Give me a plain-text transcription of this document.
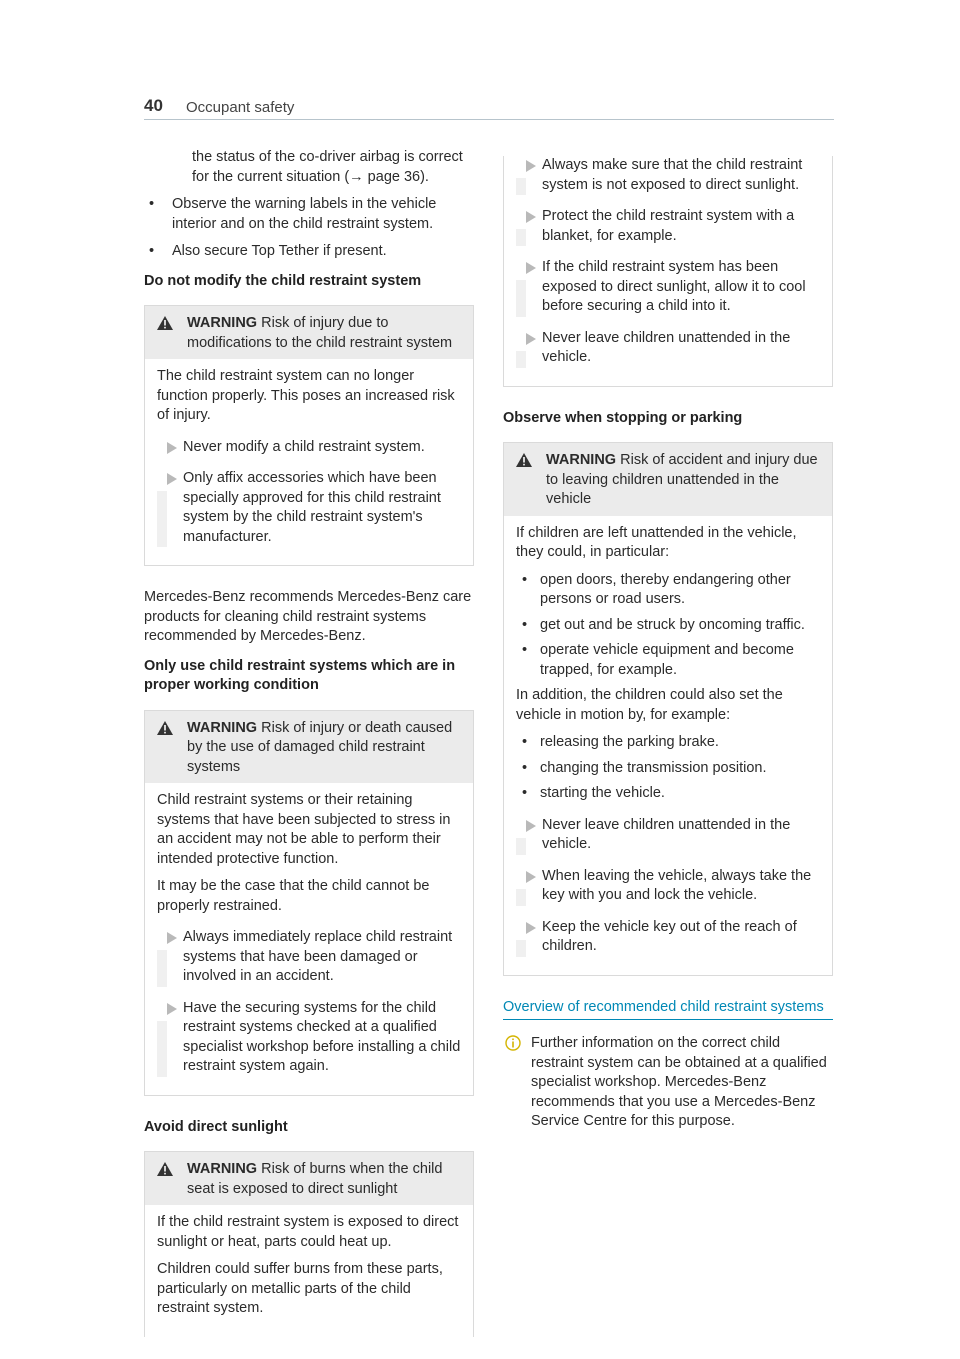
40 Occupant safety
the status of the co-driver airbag is correct for the current situation (→ page 36).
•	Observe the warning labels in the vehicle interior and on the child restraint system.
•	Also secure Top Tether if present.
Do not modify the child restraint system
WARNING Risk of injury due to modifications to the child restraint system
The child restraint system can no longer function properly. This poses an increased risk of injury.
Never modify a child restraint system.
Only affix accessories which have been specially approved for this child restraint system by the child restraint system's manufacturer.
Mercedes-Benz recommends Mercedes-Benz care products for cleaning child restraint systems recommended by Mercedes-Benz.
Only use child restraint systems which are in proper working condition
WARNING Risk of injury or death caused by the use of damaged child restraint systems
Child restraint systems or their retaining systems that have been subjected to stress in an accident may not be able to perform their intended protective function.
It may be the case that the child cannot be properly restrained.
Always immediately replace child restraint systems that have been damaged or involved in an accident.
Have the securing systems for the child restraint systems checked at a qualified specialist workshop before installing a child restraint system again.
Avoid direct sunlight
WARNING Risk of burns when the child seat is exposed to direct sunlight
If the child restraint system is exposed to direct sunlight or heat, parts could heat up.
Children could suffer burns from these parts, particularly on metallic parts of the child restraint system.
Always make sure that the child restraint system is not exposed to direct sunlight.
Protect the child restraint system with a blanket, for example.
If the child restraint system has been exposed to direct sunlight, allow it to cool before securing a child into it.
Never leave children unattended in the vehicle.
Observe when stopping or parking
WARNING Risk of accident and injury due to leaving children unattended in the vehicle
If children are left unattended in the vehicle, they could, in particular:
• open doors, thereby endangering other persons or road users.
• get out and be struck by oncoming traffic.
• operate vehicle equipment and become trapped, for example.
In addition, the children could also set the vehicle in motion by, for example:
• releasing the parking brake.
• changing the transmission position.
• starting the vehicle.
Never leave children unattended in the vehicle.
When leaving the vehicle, always take the key with you and lock the vehicle.
Keep the vehicle key out of the reach of children.
Overview of recommended child restraint systems
Further information on the correct child restraint system can be obtained at a qualified specialist workshop. Mercedes-Benz recommends that you use a Mercedes-Benz Service Centre for this purpose.
